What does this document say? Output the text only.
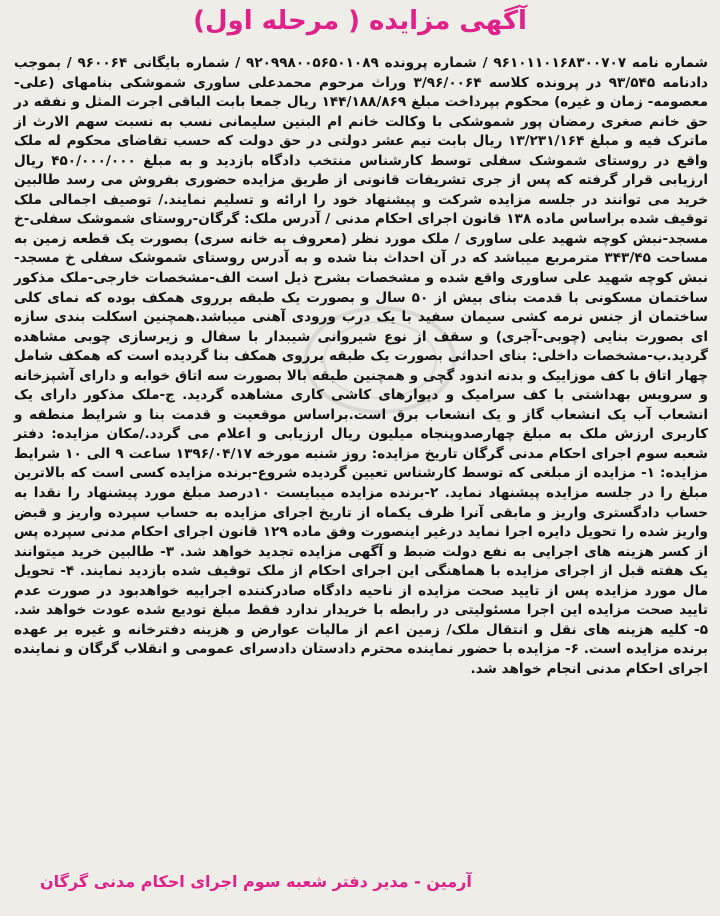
آگهی مزایده ( مرحله اول)

شماره نامه ۹۶۱۰۱۱۰۱۶۸۳۰۰۷۰۷ / شماره پرونده ۹۲۰۹۹۸۰۰۵۶۵۰۱۰۸۹ / شماره بایگانی ۹۶۰۰۶۴ / بموجب دادنامه ۹۳/۵۴۵ در پرونده کلاسه ۳/۹۶/۰۰۶۴ وراث مرحوم محمدعلی ساوری شموشکی بنامهای (علی- معصومه- زمان و غیره) محکوم بپرداخت مبلغ ۱۴۴/۱۸۸/۸۶۹ ریال جمعا بابت الباقی اجرت المثل و نفقه در حق خانم صغری رمضان پور شموشکی با وکالت خانم ام البنین سلیمانی نسب به نسبت سهم الارث از ماترک فیه و مبلغ ۱۳/۲۳۱/۱۶۴ ریال بابت نیم عشر دولتی در حق دولت که حسب تقاضای محکوم له ملک واقع در روستای شموشک سفلی توسط کارشناس منتخب دادگاه بازدید و به مبلغ ۴۵۰/۰۰۰/۰۰۰ ریال ارزیابی قرار گرفته که پس از جری تشریفات قانونی از طریق مزایده حضوری بفروش می رسد طالبین خرید می توانند در جلسه مزایده شرکت و پیشنهاد خود را ارائه و تسلیم نمایند./ توصیف اجمالی ملک توقیف شده براساس ماده ۱۳۸ قانون اجرای احکام مدنی / آدرس ملک: گرگان-روستای شموشک سفلی-خ مسجد-نبش کوچه شهید علی ساوری / ملک مورد نظر (معروف به خانه سری) بصورت یک قطعه زمین به مساحت ۳۴۳/۴۵ مترمربع میباشد که در آن احداث بنا شده و به آدرس روستای شموشک سفلی خ مسجد-نبش کوچه شهید علی ساوری واقع شده و مشخصات بشرح ذیل است الف-مشخصات خارجی-ملک مذکور ساختمان مسکونی با قدمت بنای بیش از ۵۰ سال و بصورت یک طبقه برروی همکف بوده که نمای کلی ساختمان از جنس نرمه کشی سیمان سفید با یک درب ورودی آهنی میباشد.همچنین اسکلت بندی سازه ای بصورت بنایی (چوبی-آجری) و سقف از نوع شیروانی شیبدار با سفال و زیرسازی چوبی مشاهده گردید.ب-مشخصات داخلی: بنای احداثی بصورت یک طبقه برروی همکف بنا گردیده است که همکف شامل چهار اتاق با کف موزاییک و بدنه اندود گچی و همچنین طبقه بالا بصورت سه اتاق خوابه و دارای آشپزخانه و سرویس بهداشتی با کف سرامیک و دیوارهای کاشی کاری مشاهده گردید. ج-ملک مذکور دارای یک انشعاب آب یک انشعاب گاز و یک انشعاب برق است.براساس موقعیت و قدمت بنا و شرایط منطقه و کاربری ارزش ملک به مبلغ چهارصدوپنجاه میلیون ریال ارزیابی و اعلام می گردد./مکان مزایده: دفتر شعبه سوم اجرای احکام مدنی گرگان تاریخ مزایده: روز شنبه مورخه ۱۳۹۶/۰۴/۱۷ ساعت ۹ الی ۱۰ شرایط مزایده: ۱- مزایده از مبلغی که توسط کارشناس تعیین گردیده شروع-برنده مزایده کسی است که بالاترین مبلغ را در جلسه مزایده پیشنهاد نماید. ۲-برنده مزایده میبایست ۱۰درصد مبلغ مورد پیشنهاد را نقدا به حساب دادگستری واریز و مابقی آنرا ظرف یکماه از تاریخ اجرای مزایده به حساب سپرده واریز و قبض واریز شده را تحویل دایره اجرا نماید درغیر اینصورت وفق ماده ۱۲۹ قانون اجرای احکام مدنی سپرده پس از کسر هزینه های اجرایی به نفع دولت ضبط و آگهی مزایده تجدید خواهد شد. ۳- طالبین خرید میتوانند یک هفته قبل از اجرای مزایده با هماهنگی این اجرای احکام از ملک توقیف شده بازدید نمایند. ۴- تحویل مال مورد مزایده پس از تایید صحت مزایده از ناحیه دادگاه صادرکننده اجراییه خواهدبود در صورت عدم تایید صحت مزایده این اجرا مسئولیتی در رابطه با خریدار ندارد فقط مبلغ تودیع شده عودت خواهد شد. ۵- کلیه هزینه های نقل و انتقال ملک/ زمین اعم از مالیات عوارض و هزینه دفترخانه و غیره بر عهده برنده مزایده است. ۶- مزایده با حضور نماینده محترم دادستان دادسرای عمومی و انقلاب گرگان و نماینده اجرای احکام مدنی انجام خواهد شد.

آرمین - مدیر دفتر شعبه سوم اجرای احکام مدنی گرگان
